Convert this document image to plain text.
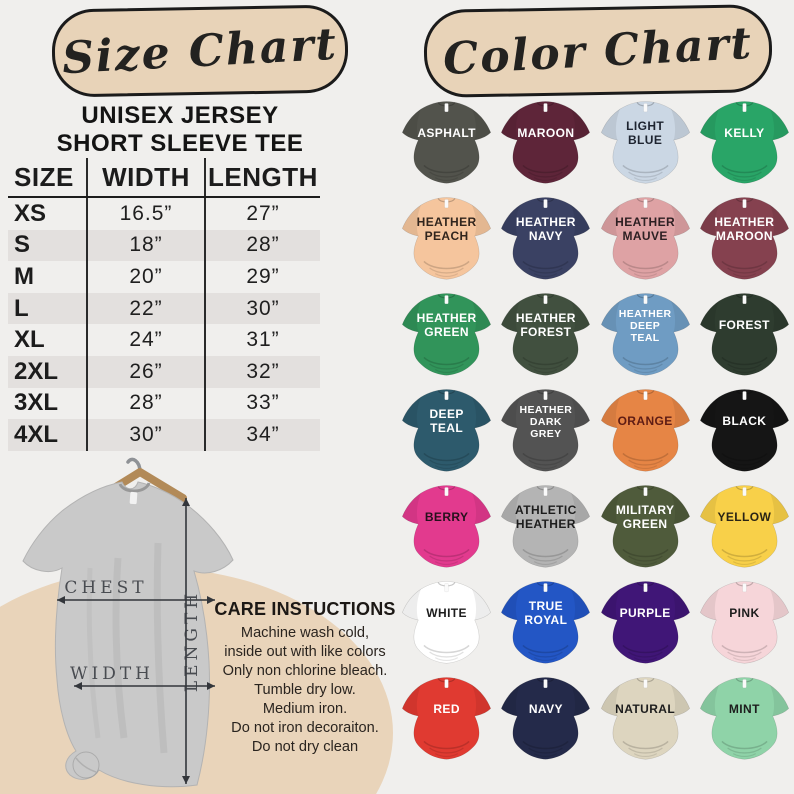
Size Chart
UNISEX JERSEY
SHORT SLEEVE TEE
SIZE	WIDTH LENGTH
XS	16.5”	27”
S	18”	28”
M	20”	29”
L	22”	30”
XL	24”	31”
2XL	26”	32”
3XL	28”	33”
4XL	30”	34”
CHEST
WIDTH LENGTH CARE INSTUCTIONS
Machine wash cold,
inside out with like colors
Only non chlorine bleach.
Tumble dry low.
Medium iron.
Do not iron decoraiton.
Do not dry clean
Color Chart
ASPHALT	MAROON	LIGHT
BLUE	KELLY
HEATHER
PEACH
HEATHER
NAVY
HEATHER
MAUVE
HEATHER
MAROON
HEATHER
GREEN
HEATHER
FOREST
HEATHER
DEEP
TEAL
FOREST
DEEP
TEAL
HEATHER
DARK
GREY
ORANGE	BLACK
BERRY	ATHLETIC
HEATHER
MILITARY
GREEN	YELLOW
WHITE	TRUE
ROYAL	PURPLE	PINK
RED	NAVY	NATURAL	MINT
